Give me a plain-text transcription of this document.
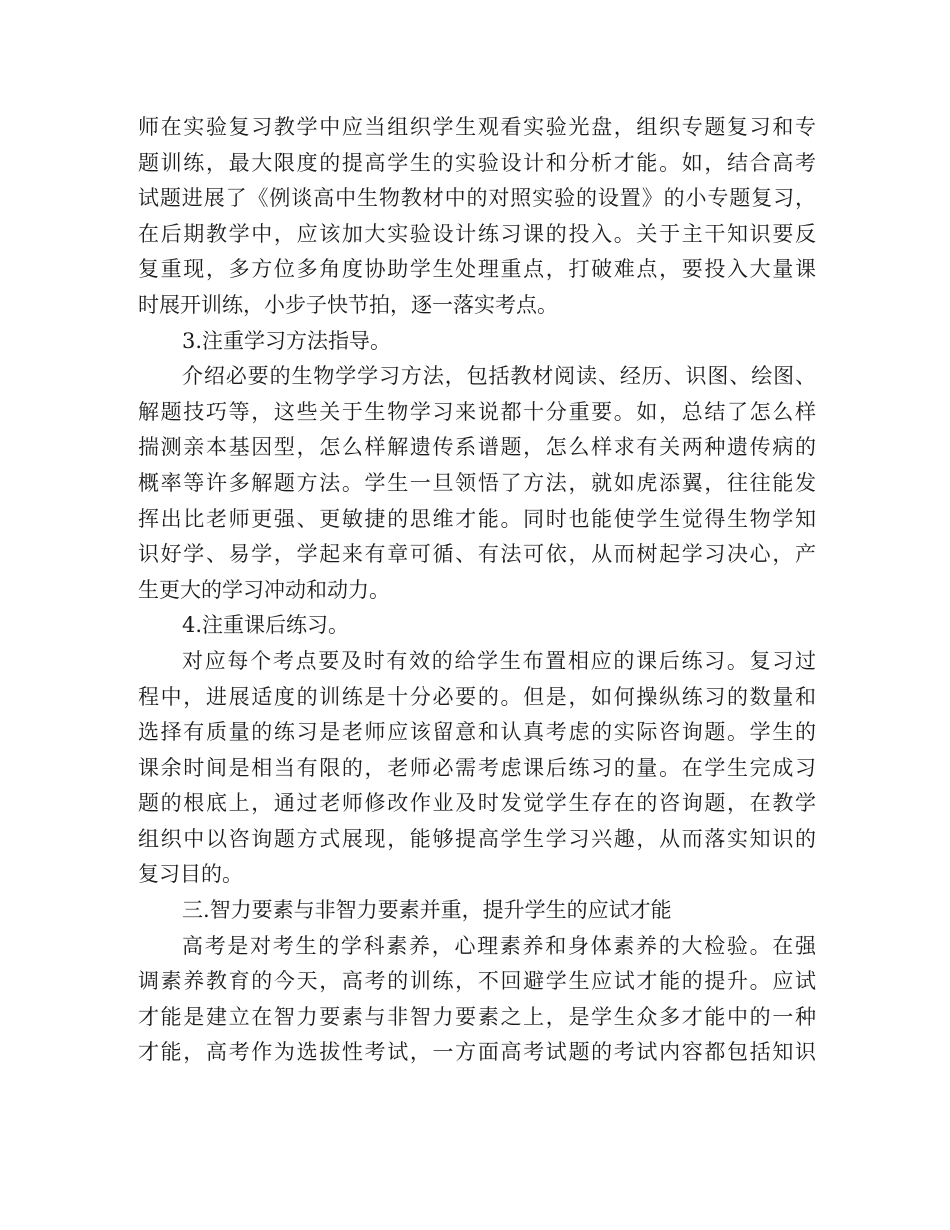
师在实验复习教学中应当组织学生观看实验光盘，组织专题复习和专
题训练，最大限度的提高学生的实验设计和分析才能。如，结合高考
试题进展了《例谈高中生物教材中的对照实验的设置》的小专题复习，
在后期教学中，应该加大实验设计练习课的投入。关于主干知识要反
复重现，多方位多角度协助学生处理重点，打破难点，要投入大量课
时展开训练，小步子快节拍，逐一落实考点。
3.注重学习方法指导。
介绍必要的生物学学习方法，包括教材阅读、经历、识图、绘图、
解题技巧等，这些关于生物学习来说都十分重要。如，总结了怎么样
揣测亲本基因型，怎么样解遗传系谱题，怎么样求有关两种遗传病的
概率等许多解题方法。学生一旦领悟了方法，就如虎添翼，往往能发
挥出比老师更强、更敏捷的思维才能。同时也能使学生觉得生物学知
识好学、易学，学起来有章可循、有法可依，从而树起学习决心，产
生更大的学习冲动和动力。
4.注重课后练习。
对应每个考点要及时有效的给学生布置相应的课后练习。复习过
程中，进展适度的训练是十分必要的。但是，如何操纵练习的数量和
选择有质量的练习是老师应该留意和认真考虑的实际咨询题。学生的
课余时间是相当有限的，老师必需考虑课后练习的量。在学生完成习
题的根底上，通过老师修改作业及时发觉学生存在的咨询题，在教学
组织中以咨询题方式展现，能够提高学生学习兴趣，从而落实知识的
复习目的。
三.智力要素与非智力要素并重，提升学生的应试才能
高考是对考生的学科素养，心理素养和身体素养的大检验。在强
调素养教育的今天，高考的训练，不回避学生应试才能的提升。应试
才能是建立在智力要素与非智力要素之上，是学生众多才能中的一种
才能，高考作为选拔性考试，一方面高考试题的考试内容都包括知识
